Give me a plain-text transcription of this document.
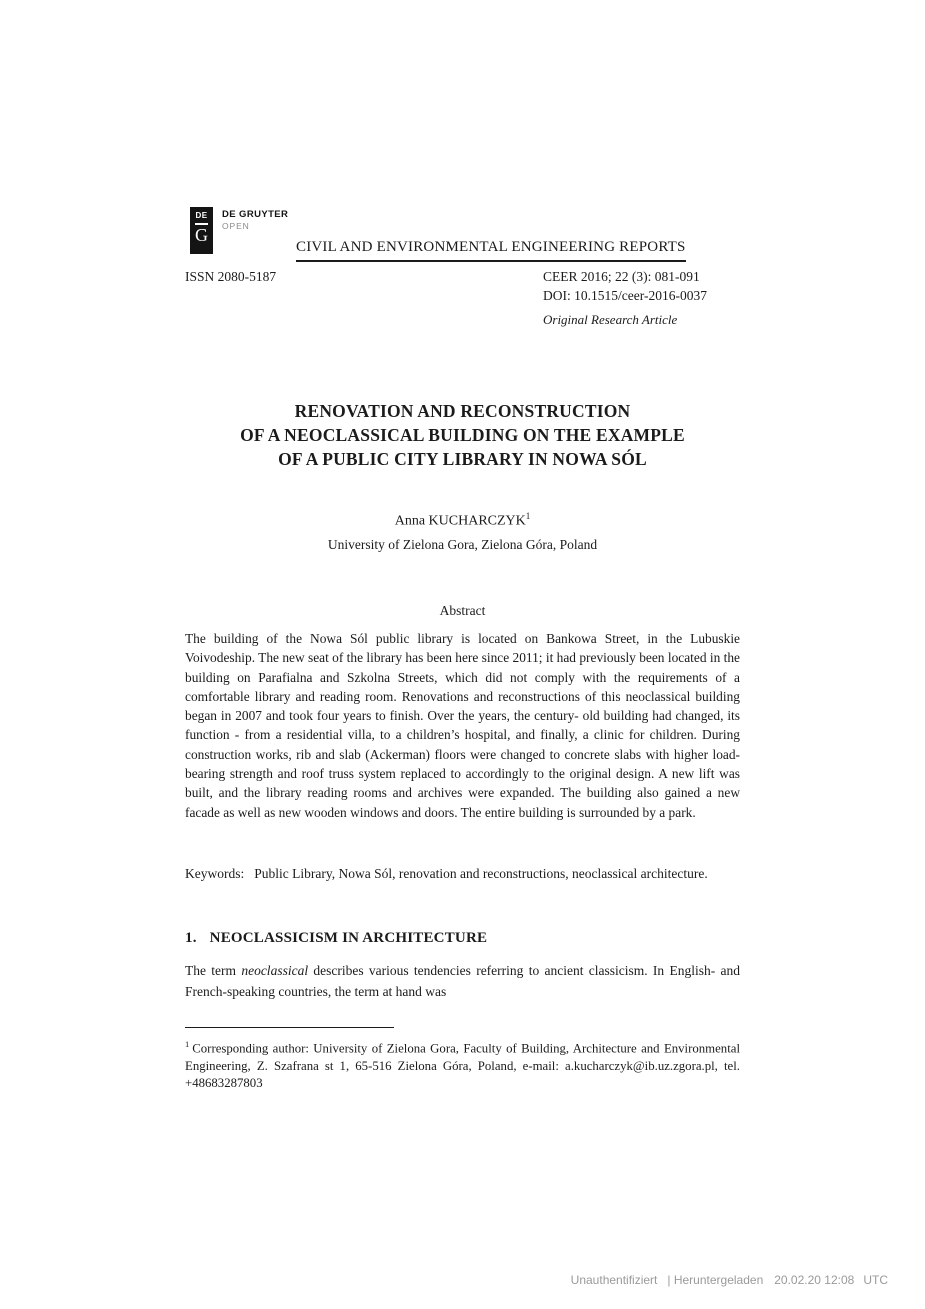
DE
G
DE GRUYTER
OPEN
CIVIL AND ENVIRONMENTAL ENGINEERING REPORTS
ISSN 2080-5187	CEER 2016; 22 (3): 081-091
DOI: 10.1515/ceer-2016-0037
Original Research Article
RENOVATION AND RECONSTRUCTION
OF A NEOCLASSICAL BUILDING ON THE EXAMPLE
OF A PUBLIC CITY LIBRARY IN NOWA SÓL
Anna KUCHARCZYK$^1$
University of Zielona Gora, Zielona Góra, Poland
Abstract
The building of the Nowa Sól public library is located on Bankowa Street, in the Lubuskie Voivodeship. The new seat of the library has been here since 2011; it had previously been located in the building on Parafialna and Szkolna Streets, which did not comply with the requirements of a comfortable library and reading room. Renovations and reconstructions of this neoclassical building began in 2007 and took four years to finish. Over the years, the century- old building had changed, its function - from a residential villa, to a children’s hospital, and finally, a clinic for children. During construction works, rib and slab (Ackerman) floors were changed to concrete slabs with higher load-bearing strength and roof truss system replaced to accordingly to the original design. A new lift was built, and the library reading rooms and archives were expanded. The building also gained a new facade as well as new wooden windows and doors. The entire building is surrounded by a park.

Keywords: Public Library, Nowa Sól, renovation and reconstructions, neoclassical architecture.

1. NEOCLASSICISM IN ARCHITECTURE

The term neoclassical describes various tendencies referring to ancient classicism. In English- and French-speaking countries, the term at hand was

$^1$ Corresponding author: University of Zielona Gora, Faculty of Building, Architecture and Environmental Engineering, Z. Szafrana st 1, 65-516 Zielona Góra, Poland, e-mail: a.kucharczyk@ib.uz.zgora.pl, tel. +48683287803

Unauthentifiziert | Heruntergeladen 20.02.20 12:08 UTC
